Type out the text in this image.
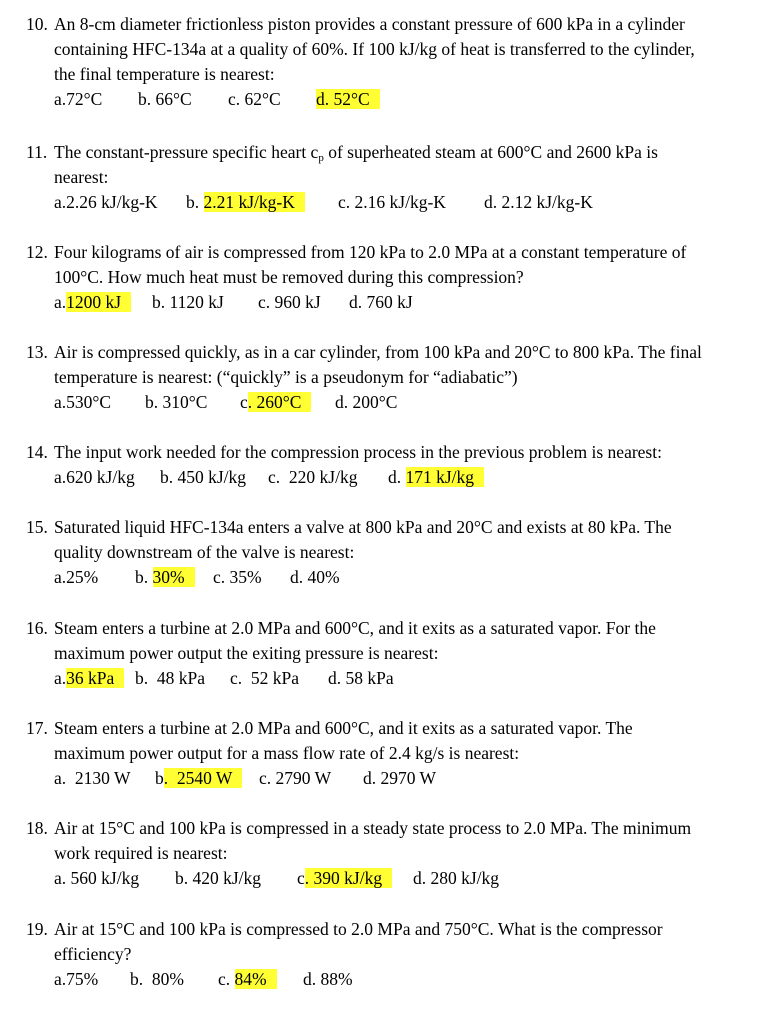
10. An 8-cm diameter frictionless piston provides a constant pressure of 600 kPa in a cylinder
containing HFC-134a at a quality of 60%. If 100 kJ/kg of heat is transferred to the cylinder,
the final temperature is nearest:
a.72°C b. 66°C c. 62°C d. 52°C
11. The constant-pressure specific heart $c_p$ of superheated steam at 600°C and 2600 kPa is
nearest:
a.2.26 kJ/kg-K b. 2.21 kJ/kg-K	c. 2.16 kJ/kg-K d. 2.12 kJ/kg-K
12. Four kilograms of air is compressed from 120 kPa to 2.0 MPa at a constant temperature of
100°C. How much heat must be removed during this compression?
a.1200 kJ	b. 1120 kJ c. 960 kJ d. 760 kJ
13. Air is compressed quickly, as in a car cylinder, from 100 kPa and 20°C to 800 kPa. The final
temperature is nearest: (“quickly” is a pseudonym for “adiabatic”)
a.530°C b. 310°C c. 260°C	d. 200°C
14. The input work needed for the compression process in the previous problem is nearest:
a.620 kJ/kg b. 450 kJ/kg c.  220 kJ/kg d. 171 kJ/kg
15. Saturated liquid HFC-134a enters a valve at 800 kPa and 20°C and exists at 80 kPa. The
quality downstream of the valve is nearest:
a.25% b. 30%	c. 35% d. 40%
16. Steam enters a turbine at 2.0 MPa and 600°C, and it exits as a saturated vapor. For the
maximum power output the exiting pressure is nearest:
a.36 kPa	b.  48 kPa c.  52 kPa d. 58 kPa
17. Steam enters a turbine at 2.0 MPa and 600°C, and it exits as a saturated vapor. The
maximum power output for a mass flow rate of 2.4 kg/s is nearest:
a.  2130 W b.  2540 W	c. 2790 W d. 2970 W
18. Air at 15°C and 100 kPa is compressed in a steady state process to 2.0 MPa. The minimum
work required is nearest:
a. 560 kJ/kg b. 420 kJ/kg c. 390 kJ/kg	d. 280 kJ/kg
19. Air at 15°C and 100 kPa is compressed to 2.0 MPa and 750°C. What is the compressor
efficiency?
a.75% b.  80% c. 84%	d. 88%
